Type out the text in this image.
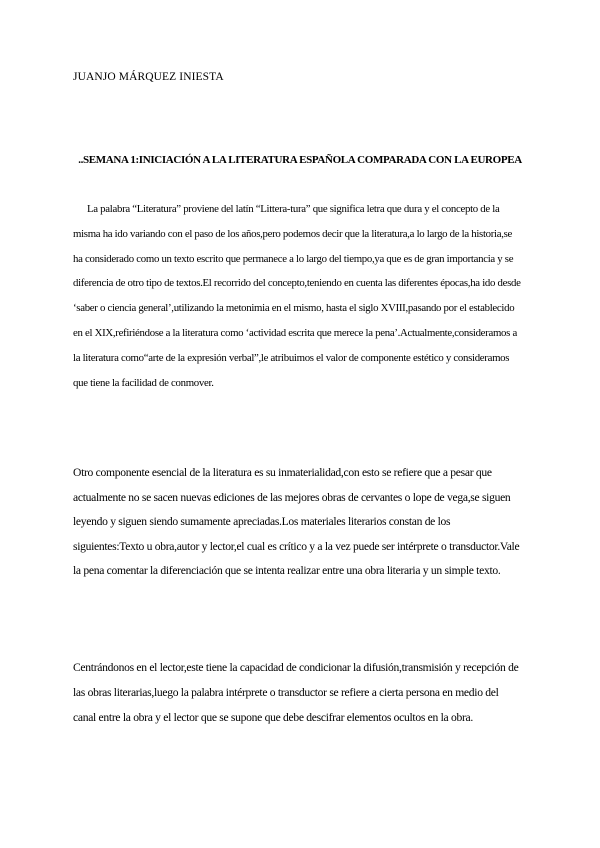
JUANJO MÁRQUEZ INIESTA

..SEMANA 1:INICIACIÓN A LA LITERATURA ESPAÑOLA COMPARADA CON LA EUROPEA

La palabra “Literatura” proviene del latín “Littera-tura” que significa letra que dura y el concepto de la misma ha ido variando con el paso de los años,pero podemos decir que la literatura,a lo largo de la historia,se ha considerado como un texto escrito que permanece a lo largo del tiempo,ya que es de gran importancia y se diferencia de otro tipo de textos.El recorrido del concepto,teniendo en cuenta las diferentes épocas,ha ido desde ‘saber o ciencia general’,utilizando la metonimia en el mismo, hasta el siglo XVIII,pasando por el establecido en el XIX,refiriéndose a la literatura como ‘actividad escrita que merece la pena’.Actualmente,consideramos a la literatura como“arte de la expresión verbal”,le atribuimos el valor de componente estético y consideramos que tiene la facilidad de conmover.

Otro componente esencial de la literatura es su inmaterialidad,con esto se refiere que a pesar que actualmente no se sacen nuevas ediciones de las mejores obras de cervantes o lope de vega,se siguen leyendo y siguen siendo sumamente apreciadas.Los materiales literarios constan de los siguientes:Texto u obra,autor y lector,el cual es crítico y a la vez puede ser intérprete o transductor.Vale la pena comentar la diferenciación que se intenta realizar entre una obra literaria y un simple texto.

Centrándonos en el lector,este tiene la capacidad de condicionar la difusión,transmisión y recepción de las obras literarias,luego la palabra intérprete o transductor se refiere a cierta persona en medio del canal entre la obra y el lector que se supone que debe descifrar elementos ocultos en la obra.
